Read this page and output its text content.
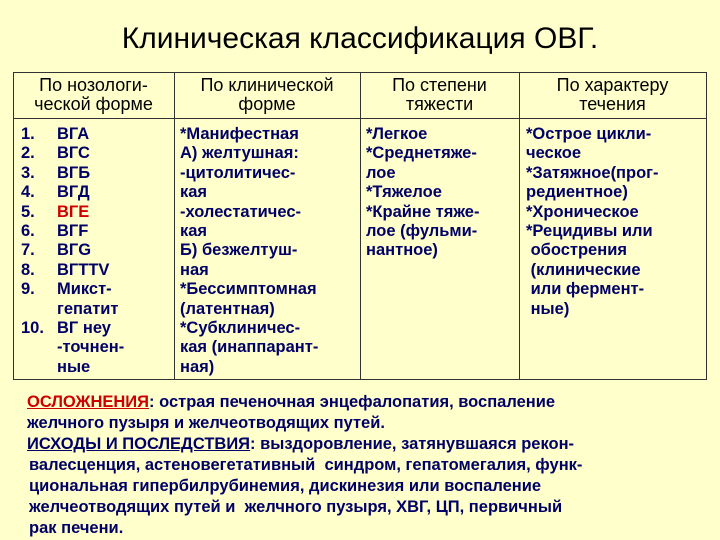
Клиническая классификация ОВГ.
По нозологи-
ческой форме
По клинической
форме
По степени
тяжести
По характеру
течения
1. ВГА
2. ВГС
3. ВГБ
4. ВГД
5. ВГЕ
6. ВГF
7. ВГG
8. ВГTTV
9. Микст-
гепатит
10. ВГ неу
-точнен-
ные
*Манифестная
А) желтушная:
-цитолитичес-
кая
-холестатичес-
кая
Б) безжелтуш-
ная
*Бессимптомная
(латентная)
*Субклиничес-
кая (инаппарант-
ная)
*Легкое
*Среднетяже-
лое
*Тяжелое
*Крайне тяже-
лое (фульми-
нантное)
*Острое цикли-
ческое
*Затяжное(прог-
редиентное)
*Хроническое
*Рецидивы или
обострения
(клинические
или фермент-
ные)
ОСЛОЖНЕНИЯ: острая печеночная энцефалопатия, воспаление
желчного пузыря и желчеотводящих путей.
ИСХОДЫ И ПОСЛЕДСТВИЯ: выздоровление, затянувшаяся рекон-
валесценция, астеновегетативный  синдром, гепатомегалия, функ-
циональная гипербилрубинемия, дискинезия или воспаление
желчеотводящих путей и  желчного пузыря, ХВГ, ЦП, первичный
рак печени.
